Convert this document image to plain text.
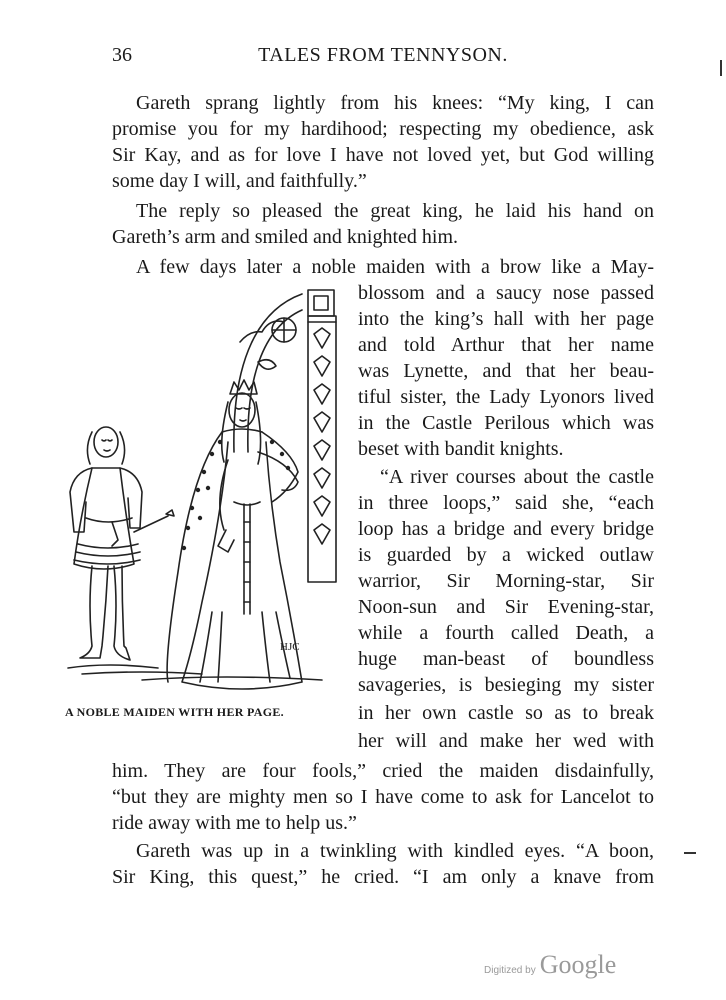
36	TALES FROM TENNYSON.
Gareth sprang lightly from his knees: “My king, I can
promise you for my hardihood; respecting my obedience, ask
Sir Kay, and as for love I have not loved yet, but God willing
some day I will, and faithfully.”
The reply so pleased the great king, he laid his hand on
Gareth’s arm and smiled and knighted him.
A few days later a noble maiden with a brow like a May-
blossom and a saucy nose passed
into the king’s hall with her page
and told Arthur that her name
was Lynette, and that her beau-
tiful sister, the Lady Lyonors lived
in the Castle Perilous which was
beset with bandit knights.
“A river courses about the castle
in three loops,” said she, “each
loop has a bridge and every bridge
is guarded by a wicked outlaw
warrior, Sir Morning-star, Sir
Noon-sun and Sir Evening-star,
while a fourth called Death, a
huge man-beast of boundless
savageries, is besieging my sister
in her own castle so as to break
her will and make her wed with
him. They are four fools,” cried the maiden disdainfully,
“but they are mighty men so I have come to ask for Lancelot to
ride away with me to help us.”
Gareth was up in a twinkling with kindled eyes. “A boon,
Sir King, this quest,” he cried. “I am only a knave from
HJC
A NOBLE MAIDEN WITH HER PAGE.
Digitized by Google
